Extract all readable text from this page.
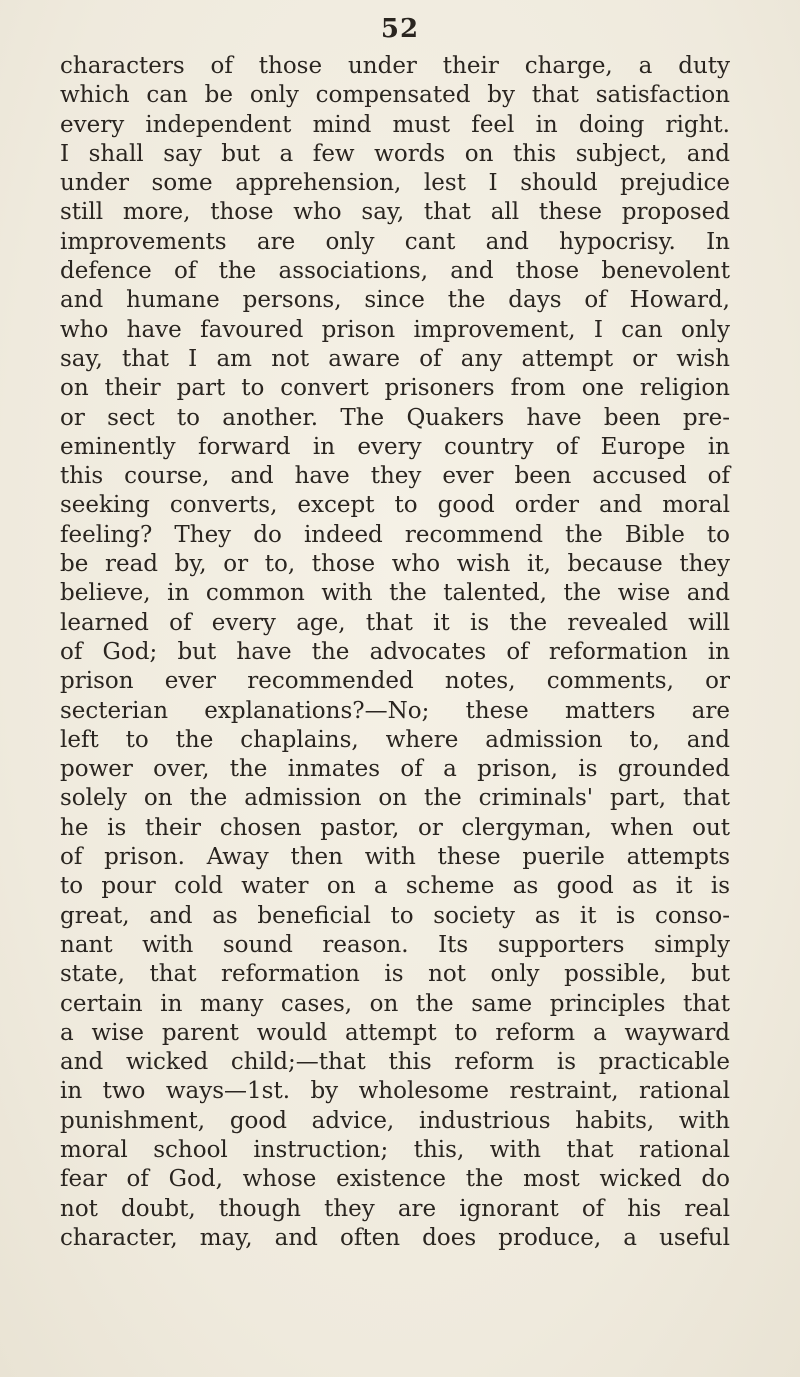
52
characters of those under their charge, a duty
which can be only compensated by that satisfaction
every independent mind must feel in doing right.
I shall say but a few words on this subject, and
under some apprehension, lest I should prejudice
still more, those who say, that all these proposed
improvements are only cant and hypocrisy. In
defence of the associations, and those benevolent
and humane persons, since the days of Howard,
who have favoured prison improvement, I can only
say, that I am not aware of any attempt or wish
on their part to convert prisoners from one religion
or sect to another. The Quakers have been pre-
eminently forward in every country of Europe in
this course, and have they ever been accused of
seeking converts, except to good order and moral
feeling? They do indeed recommend the Bible to
be read by, or to, those who wish it, because they
believe, in common with the talented, the wise and
learned of every age, that it is the revealed will
of God; but have the advocates of reformation in
prison ever recommended notes, comments, or
secterian explanations?—No; these matters are
left to the chaplains, where admission to, and
power over, the inmates of a prison, is grounded
solely on the admission on the criminals' part, that
he is their chosen pastor, or clergyman, when out
of prison. Away then with these puerile attempts
to pour cold water on a scheme as good as it is
great, and as beneficial to society as it is conso-
nant with sound reason. Its supporters simply
state, that reformation is not only possible, but
certain in many cases, on the same principles that
a wise parent would attempt to reform a wayward
and wicked child;—that this reform is practicable
in two ways—1st. by wholesome restraint, rational
punishment, good advice, industrious habits, with
moral school instruction; this, with that rational
fear of God, whose existence the most wicked do
not doubt, though they are ignorant of his real
character, may, and often does produce, a useful
